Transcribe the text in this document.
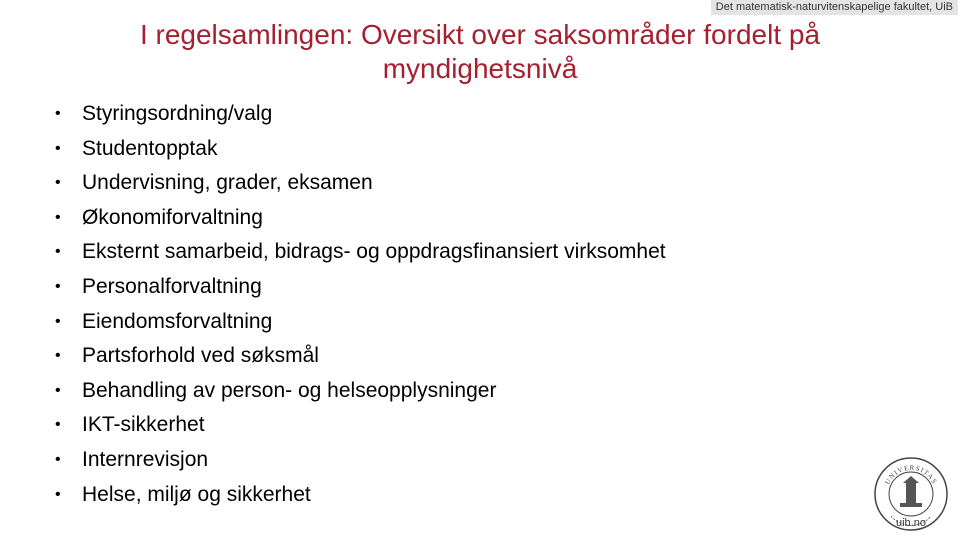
Det matematisk-naturvitenskapelige fakultet, UiB
I regelsamlingen: Oversikt over saksområder fordelt på myndighetsnivå
• Styringsordning/valg
• Studentopptak
• Undervisning, grader, eksamen
• Økonomiforvaltning
• Eksternt samarbeid, bidrags- og oppdragsfinansiert virksomhet
• Personalforvaltning
• Eiendomsforvaltning
• Partsforhold ved søksmål
• Behandling av person- og helseopplysninger
• IKT-sikkerhet
• Internrevisjon
• Helse, miljø og sikkerhet
UNIVERSITAS
uib.no
